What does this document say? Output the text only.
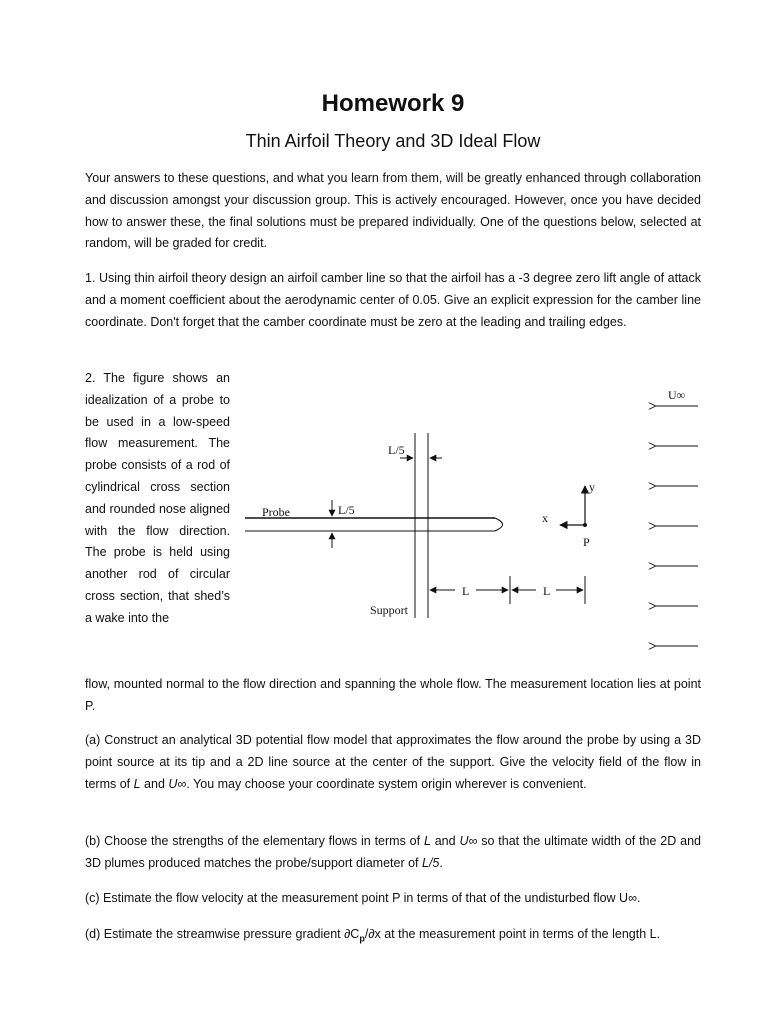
Homework 9
Thin Airfoil Theory and 3D Ideal Flow

Your answers to these questions, and what you learn from them, will be greatly enhanced through collaboration and discussion amongst your discussion group. This is actively encouraged. However, once you have decided how to answer these, the final solutions must be prepared individually. One of the questions below, selected at random, will be graded for credit.

1. Using thin airfoil theory design an airfoil camber line so that the airfoil has a -3 degree zero lift angle of attack and a moment coefficient about the aerodynamic center of 0.05. Give an explicit expression for the camber line coordinate. Don't forget that the camber coordinate must be zero at the leading and trailing edges.

2. The figure shows an idealization of a probe to be used in a low-speed flow measurement. The probe consists of a rod of cylindrical cross section and rounded nose aligned with the flow direction. The probe is held using another rod of circular cross section, that shed’s a wake into the

flow, mounted normal to the flow direction and spanning the whole flow. The measurement location lies at point P.

(a) Construct an analytical 3D potential flow model that approximates the flow around the probe by using a 3D point source at its tip and a 2D line source at the center of the support. Give the velocity field of the flow in terms of L and U∞. You may choose your coordinate system origin wherever is convenient.

(b) Choose the strengths of the elementary flows in terms of L and U∞ so that the ultimate width of the 2D and 3D plumes produced matches the probe/support diameter of L/5.

(c) Estimate the flow velocity at the measurement point P in terms of that of the undisturbed flow U∞.

(d) Estimate the streamwise pressure gradient $\partial C_p/\partial x$ at the measurement point in terms of the length L.

L/5
Probe	L/5
Support
L	L
x
y
P
U∞
